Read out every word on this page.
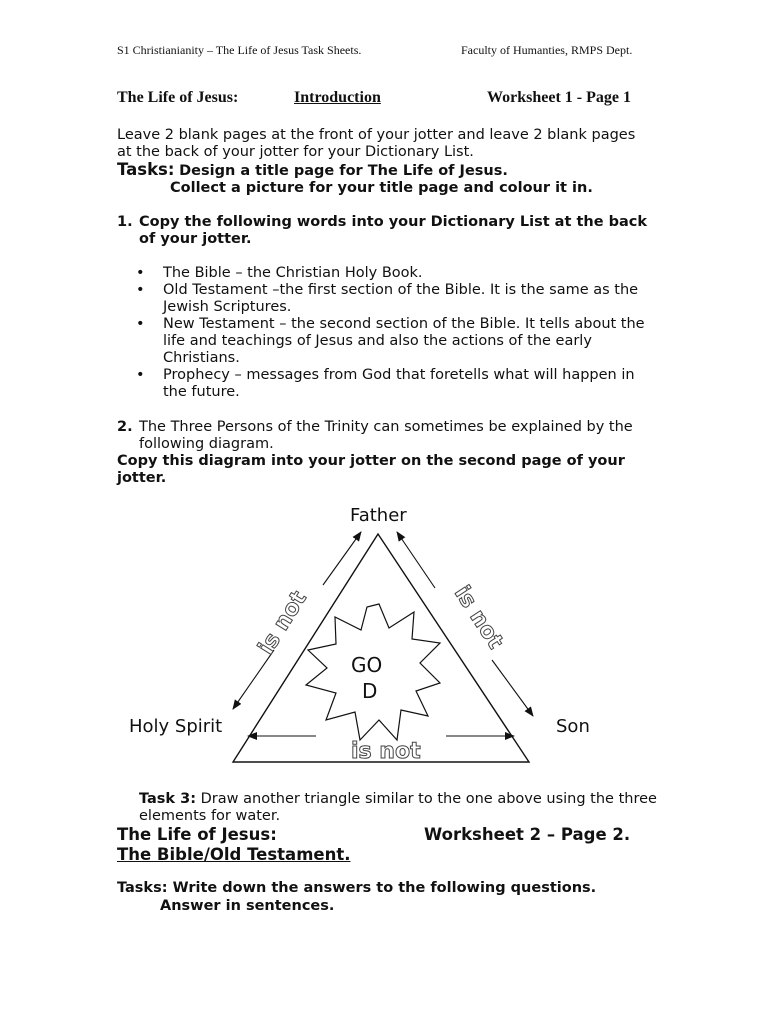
S1 Christianianity – The Life of Jesus Task Sheets.	Faculty of Humanties, RMPS Dept.
The Life of Jesus:	Introduction	Worksheet 1 - Page 1
Leave 2 blank pages at the front of your jotter and leave 2 blank pages at the back of your jotter for your Dictionary List.
Tasks: Design a title page for The Life of Jesus.
Collect a picture for your title page and colour it in.
1. Copy the following words into your Dictionary List at the back of your jotter.
• The Bible – the Christian Holy Book.
• Old Testament –the first section of the Bible. It is the same as the Jewish Scriptures.
• New Testament – the second section of the Bible. It tells about the life and teachings of Jesus and also the actions of the early Christians.
• Prophecy – messages from God that foretells what will happen in the future.
2. The Three Persons of the Trinity can sometimes be explained by the following diagram.
Copy this diagram into your jotter on the second page of your jotter.
Father
Holy Spirit	Son
GO
D
is not	is not
is not
Task 3: Draw another triangle similar to the one above using the three elements for water.
The Life of Jesus:	Worksheet 2 – Page 2.
The Bible/Old Testament.
Tasks: Write down the answers to the following questions.
Answer in sentences.
